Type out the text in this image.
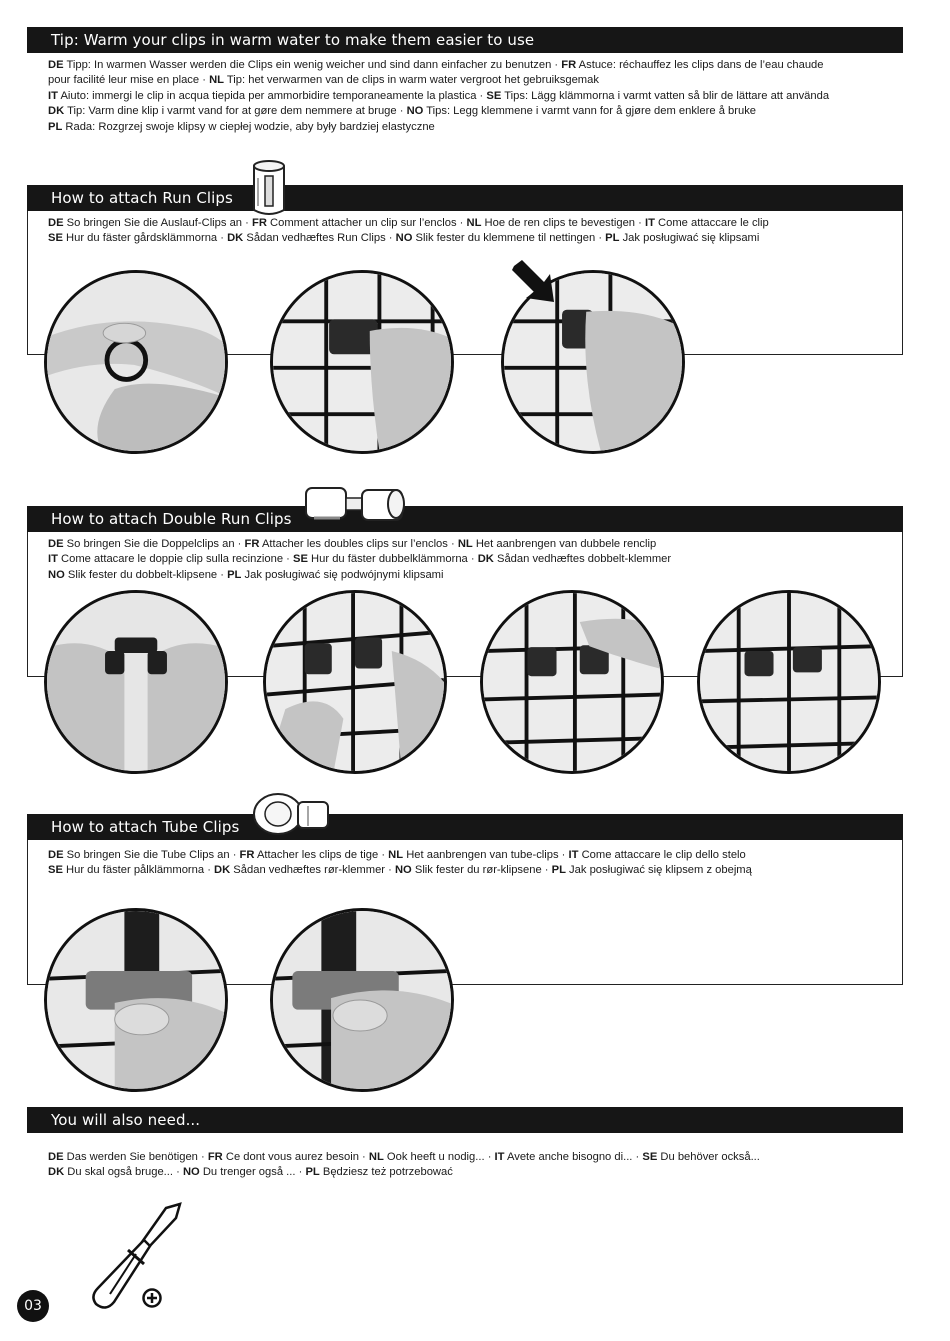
Tip: Warm your clips in warm water to make them easier to use
DE Tipp: In warmen Wasser werden die Clips ein wenig weicher und sind dann einfacher zu benutzen · FR Astuce: réchauffez les clips dans de l’eau chaude
pour facilité leur mise en place · NL Tip: het verwarmen van de clips in warm water vergroot het gebruiksgemak
IT Aiuto: immergi le clip in acqua tiepida per ammorbidire temporaneamente la plastica · SE Tips: Lägg klämmorna i varmt vatten så blir de lättare att använda
DK Tip: Varm dine klip i varmt vand for at gøre dem nemmere at bruge · NO Tips: Legg klemmene i varmt vann for å gjøre dem enklere å bruke
PL Rada: Rozgrzej swoje klipsy w ciepłej wodzie, aby były bardziej elastyczne
How to attach Run Clips
DE So bringen Sie die Auslauf-Clips an · FR Comment attacher un clip sur l’enclos · NL Hoe de ren clips te bevestigen · IT Come attaccare le clip
SE Hur du fäster gårdsklämmorna · DK Sådan vedhæftes Run Clips · NO Slik fester du klemmene til nettingen · PL Jak posługiwać się klipsami
How to attach Double Run Clips
DE So bringen Sie die Doppelclips an · FR Attacher les doubles clips sur l’enclos · NL Het aanbrengen van dubbele renclip
IT Come attacare le doppie clip sulla recinzione · SE Hur du fäster dubbelklämmorna · DK Sådan vedhæftes dobbelt-klemmer
NO Slik fester du dobbelt-klipsene · PL Jak posługiwać się podwójnymi klipsami
How to attach Tube Clips
DE So bringen Sie die Tube Clips an · FR Attacher les clips de tige · NL Het aanbrengen van tube-clips · IT Come attaccare le clip dello stelo
SE Hur du fäster pålklämmorna · DK Sådan vedhæftes rør-klemmer · NO Slik fester du rør-klipsene · PL Jak posługiwać się klipsem z obejmą
You will also need...
DE Das werden Sie benötigen · FR Ce dont vous aurez besoin · NL Ook heeft u nodig... · IT Avete anche bisogno di... · SE Du behöver också...
DK Du skal også bruge... · NO Du trenger også ... · PL Będziesz też potrzebować
03
